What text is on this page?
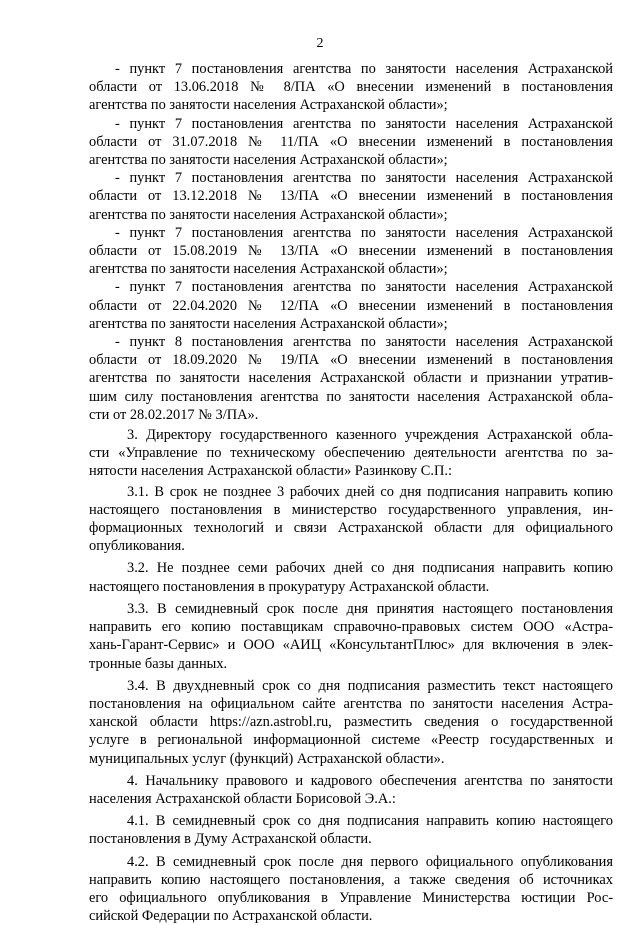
2

- пункт 7 постановления агентства по занятости населения Астраханской
области от 13.06.2018 № 8/ПА «О внесении изменений в постановления
агентства по занятости населения Астраханской области»;

- пункт 7 постановления агентства по занятости населения Астраханской
области от 31.07.2018 № 11/ПА «О внесении изменений в постановления
агентства по занятости населения Астраханской области»;

- пункт 7 постановления агентства по занятости населения Астраханской
области от 13.12.2018 № 13/ПА «О внесении изменений в постановления
агентства по занятости населения Астраханской области»;

- пункт 7 постановления агентства по занятости населения Астраханской
области от 15.08.2019 № 13/ПА «О внесении изменений в постановления
агентства по занятости населения Астраханской области»;

- пункт 7 постановления агентства по занятости населения Астраханской
области от 22.04.2020 № 12/ПА «О внесении изменений в постановления
агентства по занятости населения Астраханской области»;

- пункт 8 постановления агентства по занятости населения Астраханской
области от 18.09.2020 № 19/ПА «О внесении изменений в постановления
агентства по занятости населения Астраханской области и признании утратив-
шим силу постановления агентства по занятости населения Астраханской обла-
сти от 28.02.2017 № 3/ПА».

3. Директору государственного казенного учреждения Астраханской обла-
сти «Управление по техническому обеспечению деятельности агентства по за-
нятости населения Астраханской области» Разинкову С.П.:

3.1. В срок не позднее 3 рабочих дней со дня подписания направить копию
настоящего постановления в министерство государственного управления, ин-
формационных технологий и связи Астраханской области для официального
опубликования.

3.2. Не позднее семи рабочих дней со дня подписания направить копию
настоящего постановления в прокуратуру Астраханской области.

3.3. В семидневный срок после дня принятия настоящего постановления
направить его копию поставщикам справочно-правовых систем ООО «Астра-
хань-Гарант-Сервис» и ООО «АИЦ «КонсультантПлюс» для включения в элек-
тронные базы данных.

3.4. В двухдневный срок со дня подписания разместить текст настоящего
постановления на официальном сайте агентства по занятости населения Астра-
ханской области https://azn.astrobl.ru, разместить сведения о государственной
услуге в региональной информационной системе «Реестр государственных и
муниципальных услуг (функций) Астраханской области».

4. Начальнику правового и кадрового обеспечения агентства по занятости
населения Астраханской области Борисовой Э.А.:

4.1. В семидневный срок со дня подписания направить копию настоящего
постановления в Думу Астраханской области.

4.2. В семидневный срок после дня первого официального опубликования
направить копию настоящего постановления, а также сведения об источниках
его официального опубликования в Управление Министерства юстиции Рос-
сийской Федерации по Астраханской области.
